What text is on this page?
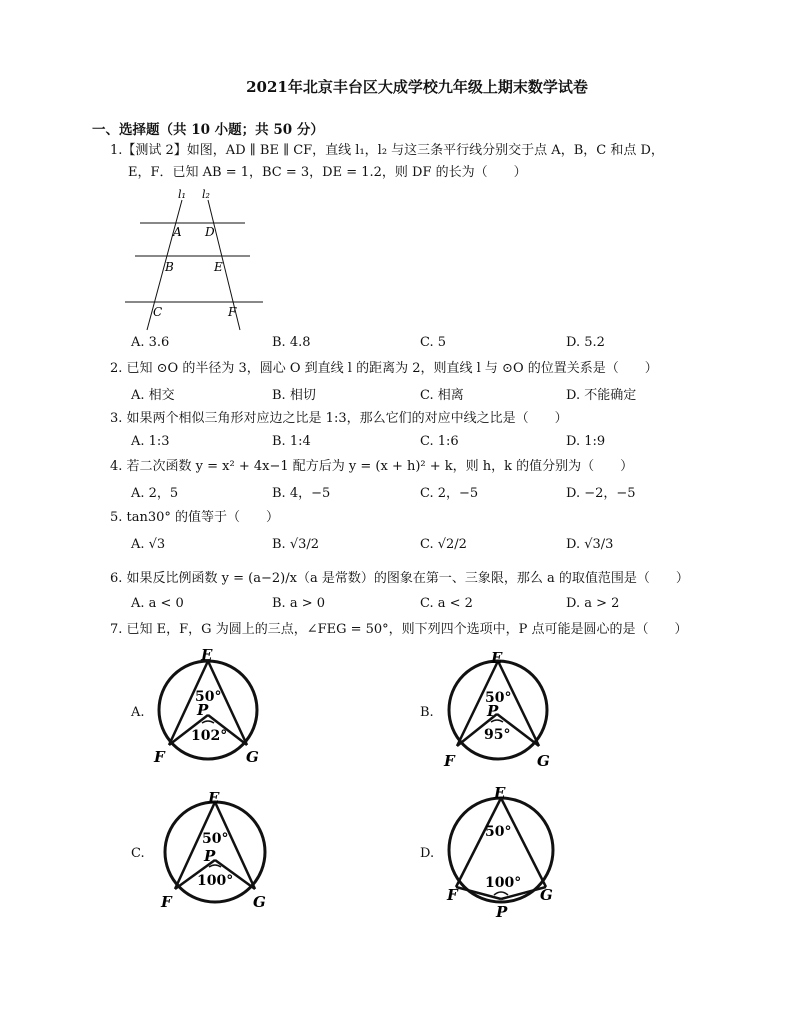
2021年北京丰台区大成学校九年级上期末数学试卷
一、选择题（共 10 小题；共 50 分）
1.【测试 2】如图，AD ∥ BE ∥ CF，直线 l₁，l₂ 与这三条平行线分别交于点 A，B，C 和点 D，
E，F．已知 AB = 1，BC = 3，DE = 1.2，则 DF 的长为（　　）
l₁ l₂
A D
B	E
C	F
A. 3.6	B. 4.8	C. 5	D. 5.2
2. 已知 ⊙O 的半径为 3，圆心 O 到直线 l 的距离为 2，则直线 l 与 ⊙O 的位置关系是（　　）
A. 相交	B. 相切	C. 相离	D. 不能确定
3. 如果两个相似三角形对应边之比是 1:3，那么它们的对应中线之比是（　　）
A. 1:3	B. 1:4	C. 1:6	D. 1:9
4. 若二次函数 y = x² + 4x−1 配方后为 y = (x + h)² + k，则 h，k 的值分别为（　　）
A. 2，5	B. 4，−5	C. 2，−5	D. −2，−5
5. tan30° 的值等于（　　）
A. √3	B. √3/2	C. √2/2	D. √3/3
6. 如果反比例函数 y = (a−2)/x（a 是常数）的图象在第一、三象限，那么 a 的取值范围是（　　）
A. a < 0	B. a > 0	C. a < 2	D. a > 2
7. 已知 E，F，G 为圆上的三点，∠FEG = 50°，则下列四个选项中，P 点可能是圆心的是（　　）
A.
E
50°
P
102°
F	G
B.
E
50°
P
95°
F	G
C.
E
50°
P
100°
F	G
D.
E
50°
100°
F	G
P
